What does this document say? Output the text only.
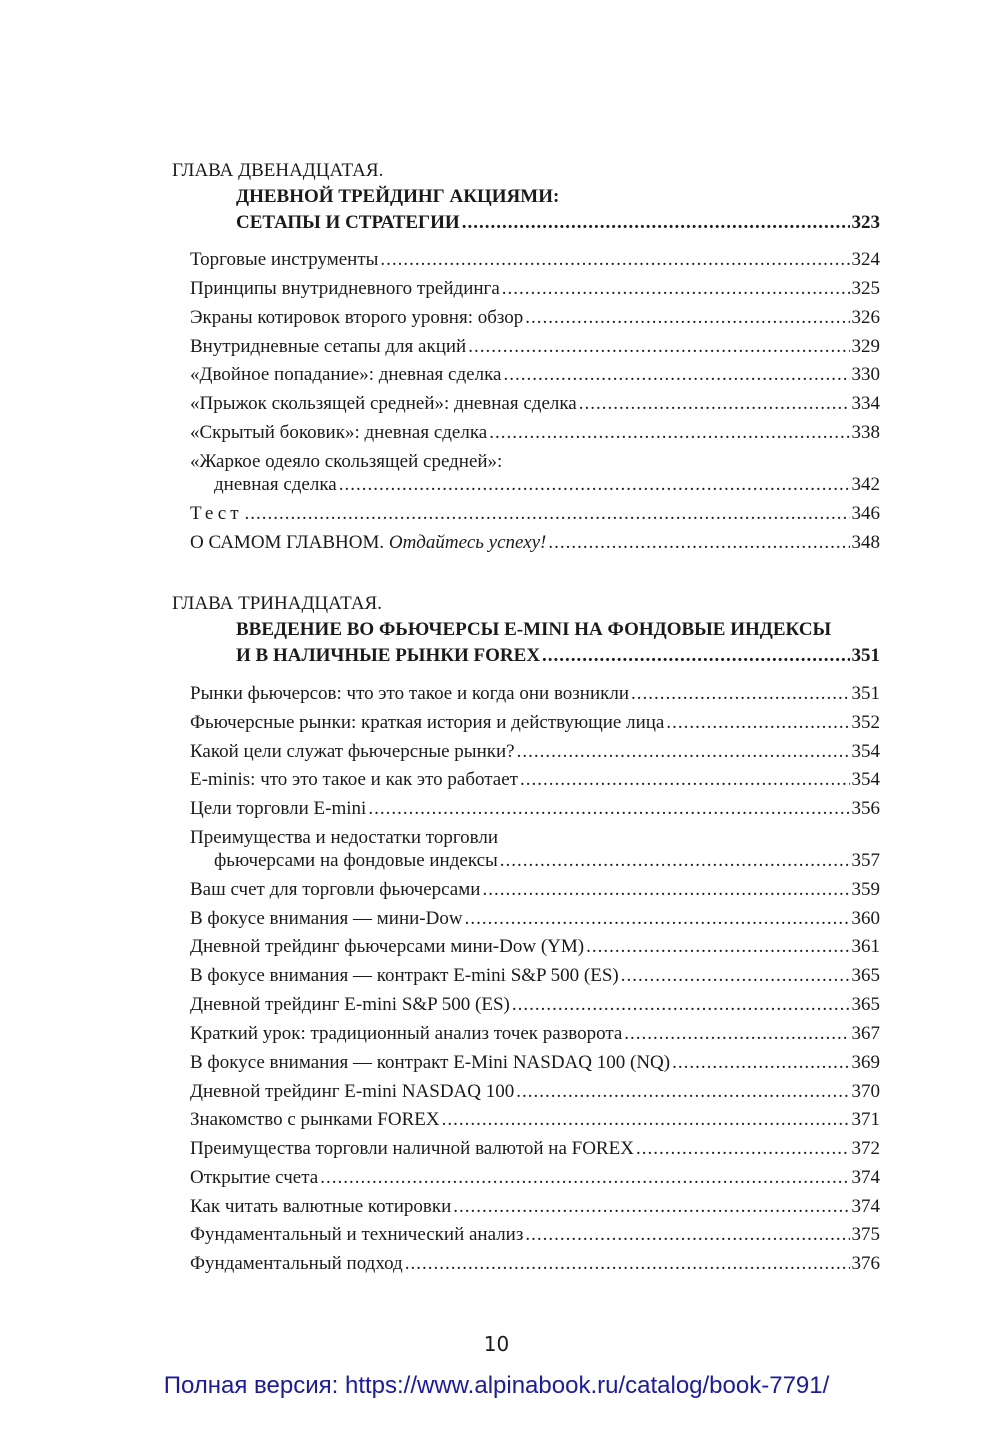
ГЛАВА ДВЕНАДЦАТАЯ.
ДНЕВНОЙ ТРЕЙДИНГ АКЦИЯМИ:
СЕТАПЫ И СТРАТЕГИИ .....	323
Торговые инструменты .....	324
Принципы внутридневного трейдинга .....	325
Экраны котировок второго уровня: обзор .....	326
Внутридневные сетапы для акций .....	329
«Двойное попадание»: дневная сделка .....	330
«Прыжок скользящей средней»: дневная сделка .....	334
«Скрытый боковик»: дневная сделка .....	338
«Жаркое одеяло скользящей средней»:
дневная сделка .....	342
Тест .....	346
О САМОМ ГЛАВНОМ. Отдайтесь успеху! .....	348
ГЛАВА ТРИНАДЦАТАЯ.
ВВЕДЕНИЕ ВО ФЬЮЧЕРСЫ E-MINI НА ФОНДОВЫЕ ИНДЕКСЫ
И В НАЛИЧНЫЕ РЫНКИ FOREX .....	351
Рынки фьючерсов: что это такое и когда они возникли .....	351
Фьючерсные рынки: краткая история и действующие лица .....	352
Какой цели служат фьючерсные рынки? .....	354
E-minis: что это такое и как это работает .....	354
Цели торговли E-mini .....	356
Преимущества и недостатки торговли
фьючерсами на фондовые индексы .....	357
Ваш счет для торговли фьючерсами .....	359
В фокусе внимания — мини-Dow .....	360
Дневной трейдинг фьючерсами мини-Dow (YM) .....	361
В фокусе внимания — контракт E-mini S&P 500 (ES) .....	365
Дневной трейдинг E-mini S&P 500 (ES) .....	365
Краткий урок: традиционный анализ точек разворота .....	367
В фокусе внимания — контракт E-Mini NASDAQ 100 (NQ) .....	369
Дневной трейдинг E-mini NASDAQ 100 .....	370
Знакомство с рынками FOREX .....	371
Преимущества торговли наличной валютой на FOREX .....	372
Открытие счета .....	374
Как читать валютные котировки .....	374
Фундаментальный и технический анализ .....	375
Фундаментальный подход .....	376
10
Полная версия: https://www.alpinabook.ru/catalog/book-7791/
